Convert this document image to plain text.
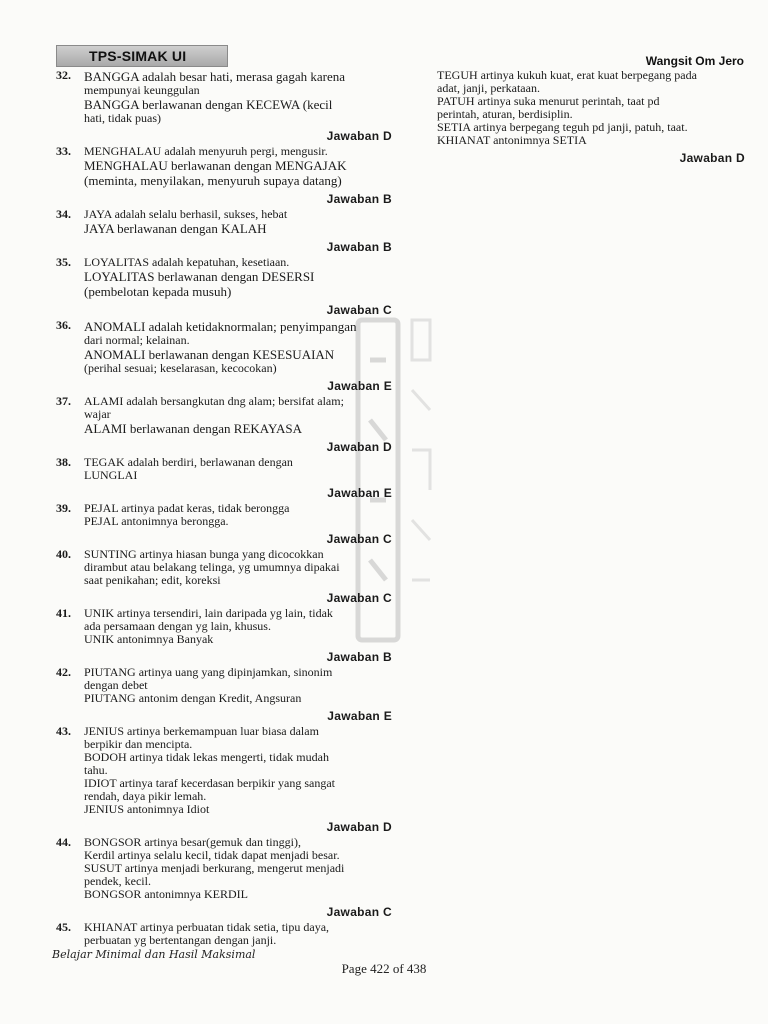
TPS-SIMAK UI	Wangsit Om Jero
32. BANGGA adalah besar hati, merasa gagah karena
mempunyai keunggulan
BANGGA berlawanan dengan KECEWA (kecil
hati, tidak puas)
Jawaban D
33. MENGHALAU adalah menyuruh pergi, mengusir.
MENGHALAU berlawanan dengan MENGAJAK
(meminta, menyilakan, menyuruh supaya datang)
Jawaban B
34. JAYA adalah selalu berhasil, sukses, hebat
JAYA berlawanan dengan KALAH
Jawaban B
35. LOYALITAS adalah kepatuhan, kesetiaan.
LOYALITAS berlawanan dengan DESERSI
(pembelotan kepada musuh)
Jawaban C
36. ANOMALI adalah ketidaknormalan; penyimpangan
dari normal; kelainan.
ANOMALI berlawanan dengan KESESUAIAN
(perihal sesuai; keselarasan, kecocokan)
Jawaban E
37. ALAMI adalah bersangkutan dng alam; bersifat alam;
wajar
ALAMI berlawanan dengan REKAYASA
Jawaban D
38. TEGAK adalah berdiri, berlawanan dengan
LUNGLAI
Jawaban E
39. PEJAL artinya padat keras, tidak berongga
PEJAL antonimnya berongga.
Jawaban C
40. SUNTING artinya hiasan bunga yang dicocokkan
dirambut atau belakang telinga, yg umumnya dipakai
saat penikahan; edit, koreksi
Jawaban C
41. UNIK artinya tersendiri, lain daripada yg lain, tidak
ada persamaan dengan yg lain, khusus.
UNIK antonimnya Banyak
Jawaban B
42. PIUTANG artinya uang yang dipinjamkan, sinonim
dengan debet
PIUTANG antonim dengan Kredit, Angsuran
Jawaban E
43. JENIUS artinya berkemampuan luar biasa dalam
berpikir dan mencipta.
BODOH artinya tidak lekas mengerti, tidak mudah
tahu.
IDIOT artinya taraf kecerdasan berpikir yang sangat
rendah, daya pikir lemah.
JENIUS antonimnya Idiot
Jawaban D
44. BONGSOR artinya besar(gemuk dan tinggi),
Kerdil artinya selalu kecil, tidak dapat menjadi besar.
SUSUT artinya menjadi berkurang, mengerut menjadi
pendek, kecil.
BONGSOR antonimnya KERDIL
Jawaban C
45. KHIANAT artinya perbuatan tidak setia, tipu daya,
perbuatan yg bertentangan dengan janji.
TEGUH artinya kukuh kuat, erat kuat berpegang pada
adat, janji, perkataan.
PATUH artinya suka menurut perintah, taat pd
perintah, aturan, berdisiplin.
SETIA artinya berpegang teguh pd janji, patuh, taat.
KHIANAT antonimnya SETIA
Jawaban D
Belajar Minimal dan Hasil Maksimal
Page 422 of 438
